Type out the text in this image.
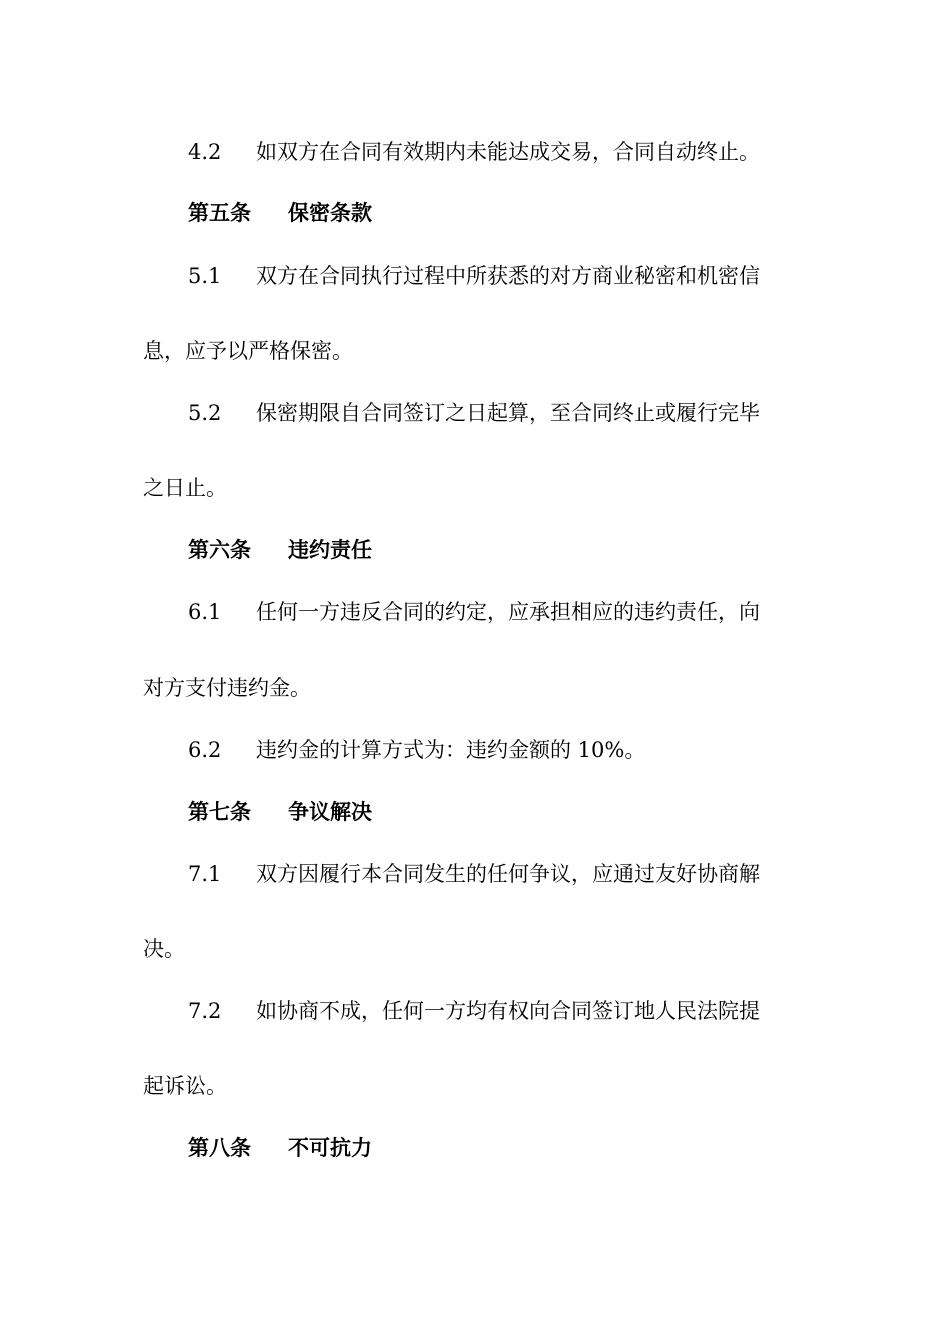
4.2 如双方在合同有效期内未能达成交易，合同自动终止。
第五条 保密条款
5.1 双方在合同执行过程中所获悉的对方商业秘密和机密信
息，应予以严格保密。
5.2 保密期限自合同签订之日起算，至合同终止或履行完毕
之日止。
第六条 违约责任
6.1 任何一方违反合同的约定，应承担相应的违约责任，向
对方支付违约金。
6.2 违约金的计算方式为：违约金额的 10%。
第七条 争议解决
7.1 双方因履行本合同发生的任何争议，应通过友好协商解
决。
7.2 如协商不成，任何一方均有权向合同签订地人民法院提
起诉讼。
第八条 不可抗力
